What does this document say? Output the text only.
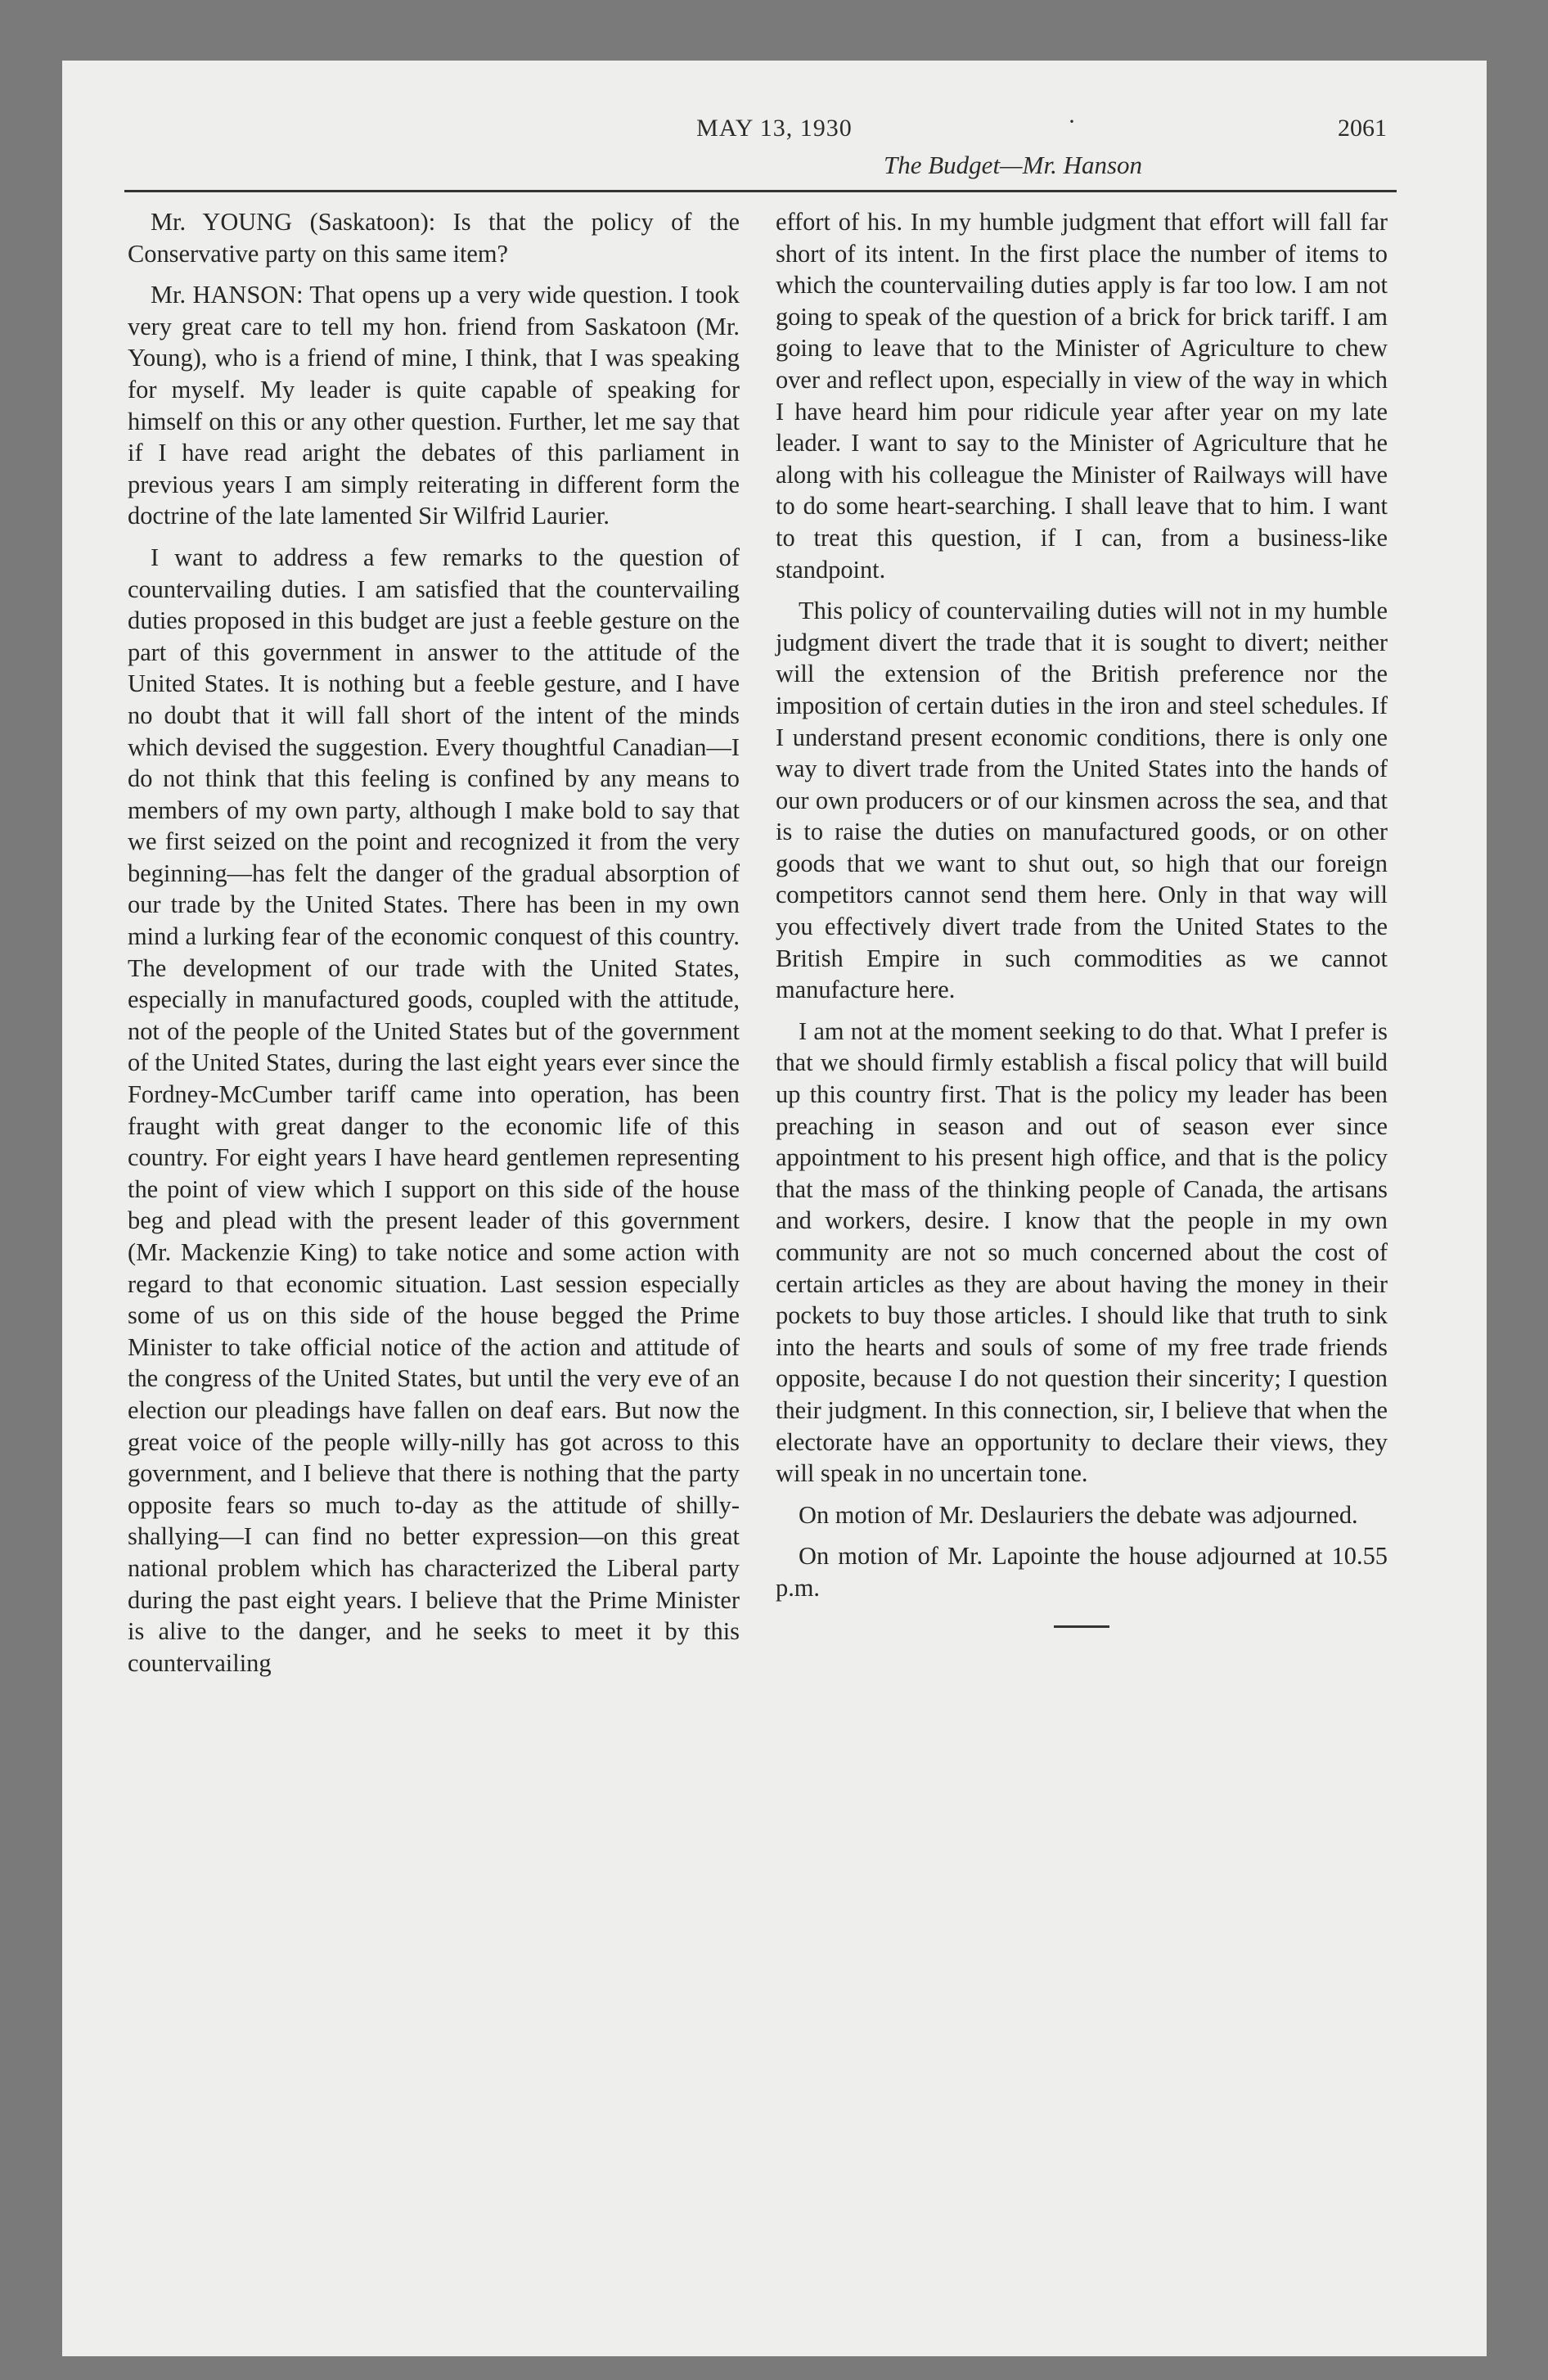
MAY 13, 1930	·	2061
The Budget—Mr. Hanson

Mr. YOUNG (Saskatoon): Is that the policy of the Conservative party on this same item?

Mr. HANSON: That opens up a very wide question. I took very great care to tell my hon. friend from Saskatoon (Mr. Young), who is a friend of mine, I think, that I was speaking for myself. My leader is quite capable of speaking for himself on this or any other question. Further, let me say that if I have read aright the debates of this parliament in previous years I am simply reiterating in different form the doctrine of the late lamented Sir Wilfrid Laurier.

I want to address a few remarks to the question of countervailing duties. I am satisfied that the countervailing duties proposed in this budget are just a feeble gesture on the part of this government in answer to the attitude of the United States. It is nothing but a feeble gesture, and I have no doubt that it will fall short of the intent of the minds which devised the suggestion. Every thoughtful Canadian—I do not think that this feeling is confined by any means to members of my own party, although I make bold to say that we first seized on the point and recognized it from the very beginning—has felt the danger of the gradual absorption of our trade by the United States. There has been in my own mind a lurking fear of the economic conquest of this country. The development of our trade with the United States, especially in manufactured goods, coupled with the attitude, not of the people of the United States but of the government of the United States, during the last eight years ever since the Fordney-McCumber tariff came into operation, has been fraught with great danger to the economic life of this country. For eight years I have heard gentlemen representing the point of view which I support on this side of the house beg and plead with the present leader of this government (Mr. Mackenzie King) to take notice and some action with regard to that economic situation. Last session especially some of us on this side of the house begged the Prime Minister to take official notice of the action and attitude of the congress of the United States, but until the very eve of an election our pleadings have fallen on deaf ears. But now the great voice of the people willy-nilly has got across to this government, and I believe that there is nothing that the party opposite fears so much to-day as the attitude of shilly-shallying—I can find no better expression—on this great national problem which has characterized the Liberal party during the past eight years. I believe that the Prime Minister is alive to the danger, and he seeks to meet it by this countervailing

effort of his. In my humble judgment that effort will fall far short of its intent. In the first place the number of items to which the countervailing duties apply is far too low. I am not going to speak of the question of a brick for brick tariff. I am going to leave that to the Minister of Agriculture to chew over and reflect upon, especially in view of the way in which I have heard him pour ridicule year after year on my late leader. I want to say to the Minister of Agriculture that he along with his colleague the Minister of Railways will have to do some heart-searching. I shall leave that to him. I want to treat this question, if I can, from a business-like standpoint.

This policy of countervailing duties will not in my humble judgment divert the trade that it is sought to divert; neither will the extension of the British preference nor the imposition of certain duties in the iron and steel schedules. If I understand present economic conditions, there is only one way to divert trade from the United States into the hands of our own producers or of our kinsmen across the sea, and that is to raise the duties on manufactured goods, or on other goods that we want to shut out, so high that our foreign competitors cannot send them here. Only in that way will you effectively divert trade from the United States to the British Empire in such commodities as we cannot manufacture here.

I am not at the moment seeking to do that. What I prefer is that we should firmly establish a fiscal policy that will build up this country first. That is the policy my leader has been preaching in season and out of season ever since appointment to his present high office, and that is the policy that the mass of the thinking people of Canada, the artisans and workers, desire. I know that the people in my own community are not so much concerned about the cost of certain articles as they are about having the money in their pockets to buy those articles. I should like that truth to sink into the hearts and souls of some of my free trade friends opposite, because I do not question their sincerity; I question their judgment. In this connection, sir, I believe that when the electorate have an opportunity to declare their views, they will speak in no uncertain tone.

On motion of Mr. Deslauriers the debate was adjourned.

On motion of Mr. Lapointe the house adjourned at 10.55 p.m.
